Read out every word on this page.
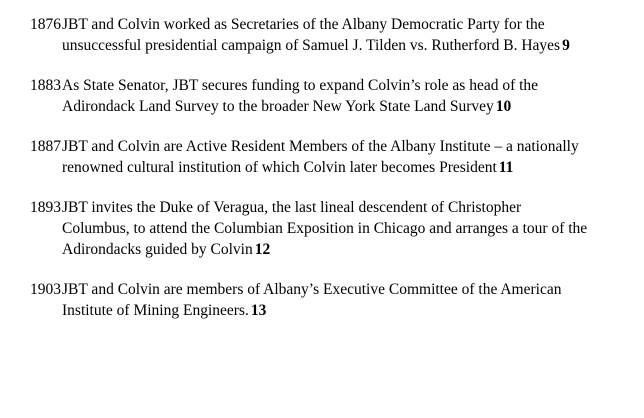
1876 JBT and Colvin worked as Secretaries of the Albany Democratic Party for the unsuccessful presidential campaign of Samuel J. Tilden vs. Rutherford B. Hayes 9
1883 As State Senator, JBT secures funding to expand Colvin’s role as head of the Adirondack Land Survey to the broader New York State Land Survey 10
1887 JBT and Colvin are Active Resident Members of the Albany Institute – a nationally renowned cultural institution of which Colvin later becomes President 11
1893 JBT invites the Duke of Veragua, the last lineal descendent of Christopher Columbus, to attend the Columbian Exposition in Chicago and arranges a tour of the Adirondacks guided by Colvin 12
1903 JBT and Colvin are members of Albany’s Executive Committee of the American Institute of Mining Engineers. 13
